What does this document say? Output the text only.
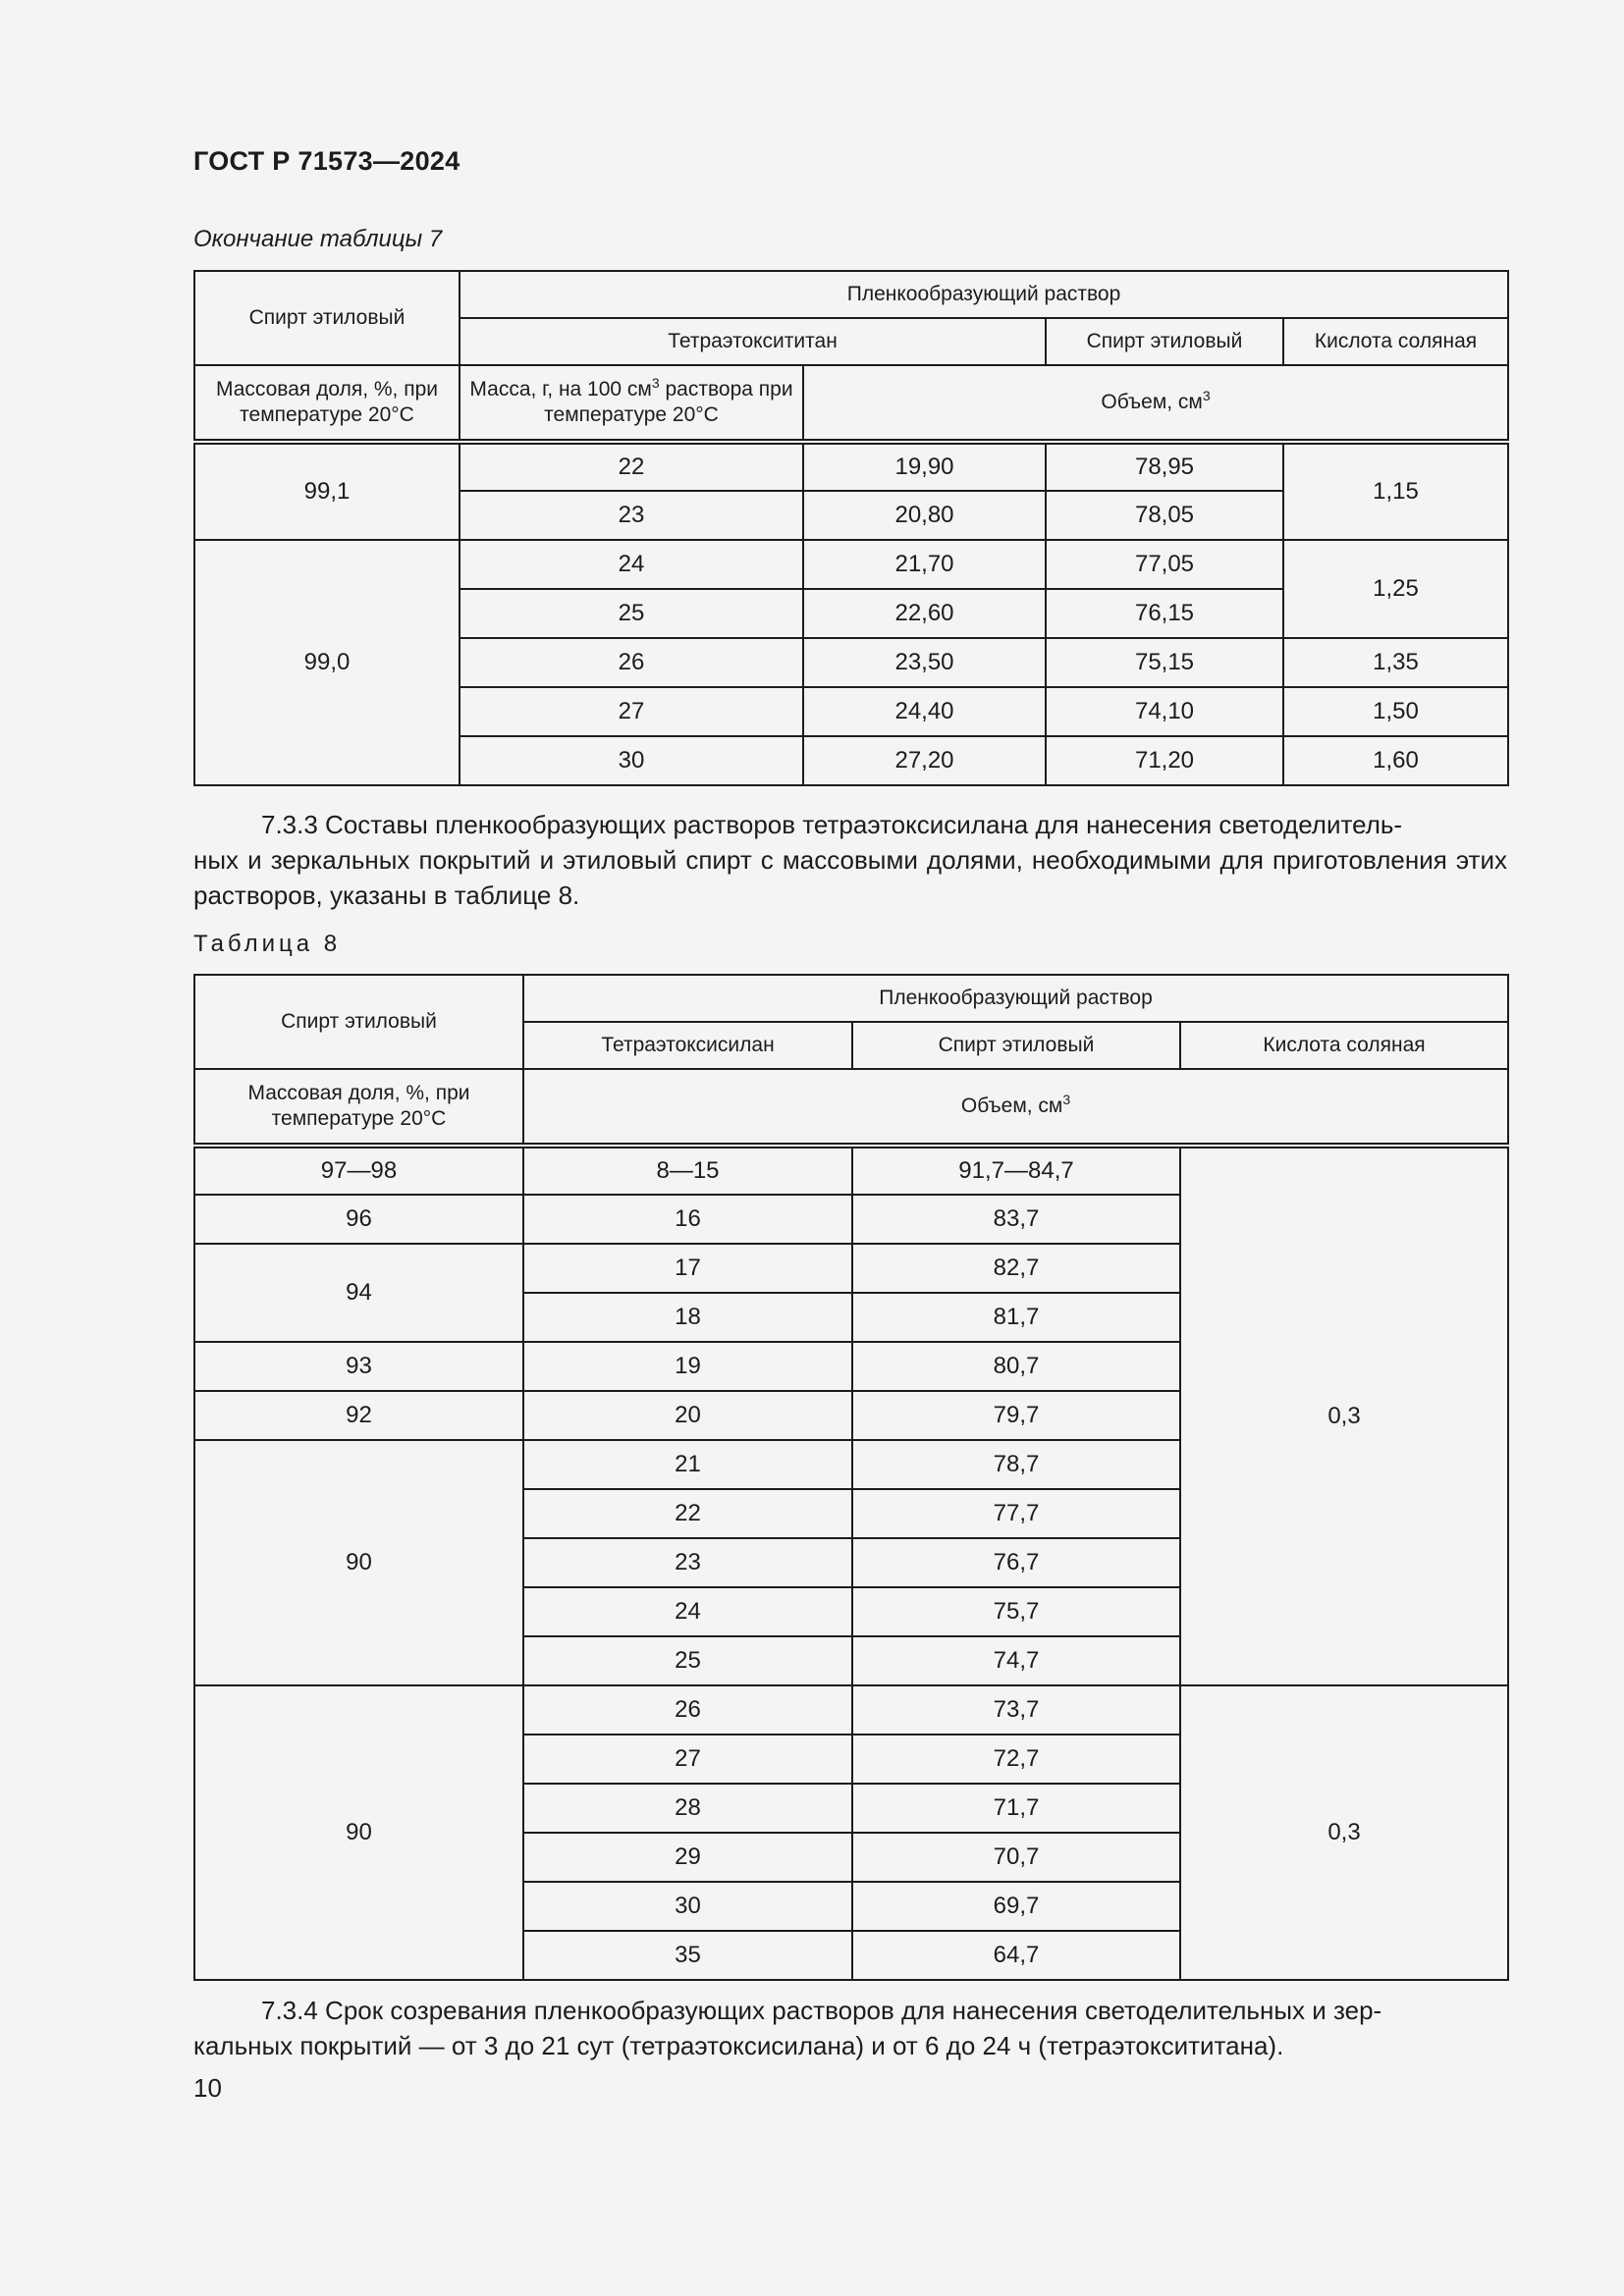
ГОСТ Р 71573—2024
Окончание таблицы 7
Спирт этиловый	Пленкообразующий раствор			
	Тетраэтоксититан		Спирт этиловый	Кислота соляная
Массовая доля, %, при температуре 20°С	Масса, г, на 100 $см^3$ раствора при температуре 20°С	Объем, $см^3$
99,1	22	19,90	78,95	1,15
	23	20,80	78,05	
99,0	24	21,70	77,05	1,25
	25	22,60	76,15	
	26	23,50	75,15	1,35
	27	24,40	74,10	1,50
	30	27,20	71,20	1,60
7.3.3 Составы пленкообразующих растворов тетраэтоксисилана для нанесения светоделитель-
ных и зеркальных покрытий и этиловый спирт с массовыми долями, необходимыми для приготовления этих растворов, указаны в таблице 8.
Таблица 8
Спирт этиловый	Пленкообразующий раствор		
	Тетраэтоксисилан	Спирт этиловый	Кислота соляная
Массовая доля, %, при температуре 20°С	Объем, $см^3$
97—98	8—15	91,7—84,7	0,3
96	16	83,7	
94	17	82,7	
	18	81,7	
93	19	80,7	
92	20	79,7	
90	21	78,7	
	22	77,7	
	23	76,7	
	24	75,7	
	25	74,7	
90	26	73,7	0,3
	27	72,7	
	28	71,7	
	29	70,7	
	30	69,7	
	35	64,7	
7.3.4 Срок созревания пленкообразующих растворов для нанесения светоделительных и зер-
кальных покрытий — от 3 до 21 сут (тетраэтоксисилана) и от 6 до 24 ч (тетраэтоксититана).
10
